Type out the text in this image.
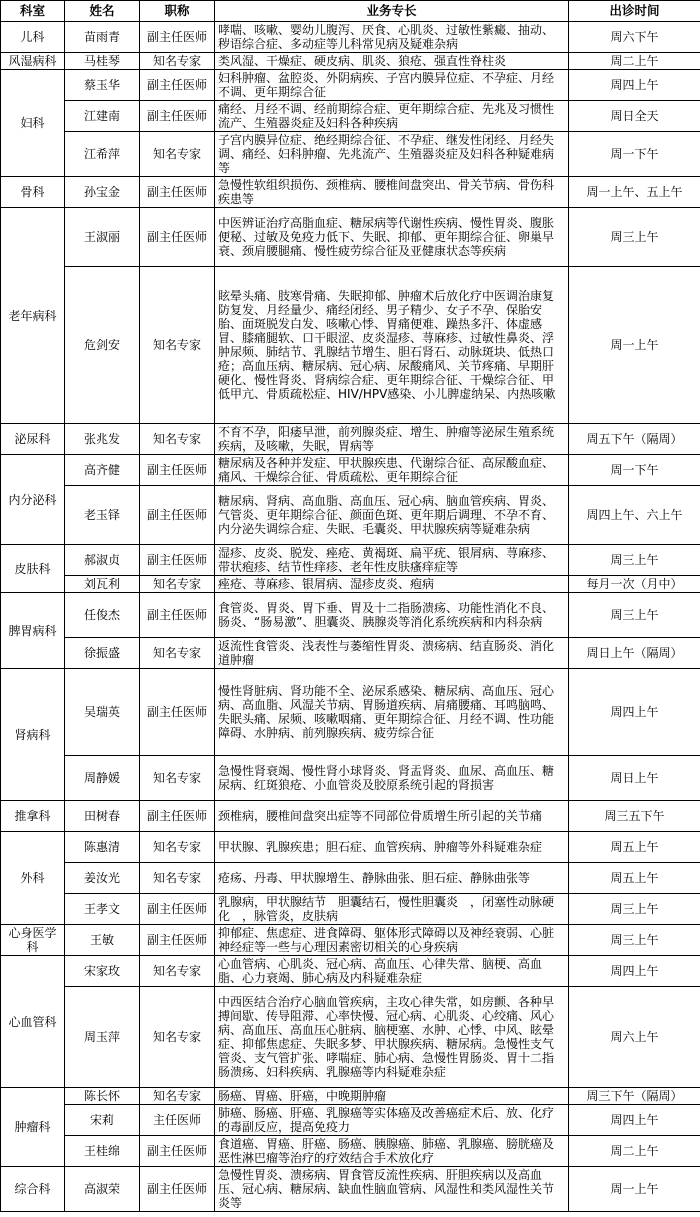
科室	姓名	职称	业务专长	出诊时间
儿科	苗雨青	副主任医师	哮喘、咳嗽、婴幼儿腹泻、厌食、心肌炎、过敏性紫癜、抽动、秽语综合症、多动症等儿科常见病及疑难杂病	周六下午
风湿病科	马桂琴	知名专家	类风湿、干燥症、硬皮病、肌炎、狼疮、强直性脊柱炎	周二上午
妇科	蔡玉华	副主任医师	妇科肿瘤、盆腔炎、外阴病疾、子宫内膜异位症、不孕症、月经不调、更年期综合征	周四上午
	江建南	副主任医师	痛经、月经不调、经前期综合症、更年期综合症、先兆及习惯性流产、生殖器炎症及妇科各种疾病	周日全天
	江希萍	知名专家	子宫内膜异位症、绝经期综合征、不孕症、继发性闭经、月经失调、痛经、妇科肿瘤、先兆流产、生殖器炎症及妇科各种疑难病等	周一下午
骨科	孙宝金	副主任医师	急慢性软组织损伤、颈椎病、腰椎间盘突出、骨关节病、骨伤科疾患等	周一上午、五上午
老年病科	王淑丽	副主任医师	中医辨证治疗高脂血症、糖尿病等代谢性疾病、慢性胃炎、腹胀便秘、过敏及免疫力低下、失眠、抑郁、更年期综合征、卵巢早衰、颈肩腰腿痛、慢性疲劳综合征及亚健康状态等疾病	周三上午
	危剑安	知名专家	眩晕头痛、肢寒骨痛、失眠抑郁、肿瘤术后放化疗中医调治康复防复发、月经量少、痛经闭经、男子精少、女子不孕、保胎安胎、面斑脱发白发、咳嗽心悸、胃痛便难、躁热多汗、体虚感冒、膝痛腿软、口干眼涩、皮炎湿疹、荨麻疹、过敏性鼻炎、浮肿尿频、肺结节、乳腺结节增生、胆石肾石、动脉斑块、低热口疮；高血压病、糖尿病、冠心病、尿酸痛风、关节疼痛、早期肝硬化、慢性肾炎、肾病综合症、更年期综合征、干燥综合征、甲低甲亢、骨质疏松症、HIV/HPV感染、小儿脾虚纳呆、内热咳嗽	周一上午
泌尿科	张兆发	知名专家	不育不孕，阳痿早泄，前列腺炎症、增生、肿瘤等泌尿生殖系统疾病，及咳嗽，失眠，胃病等	周五下午（隔周）
内分泌科	高齐健	副主任医师	糖尿病及各种并发症、甲状腺疾患、代谢综合征、高尿酸血症、痛风、干燥综合征、骨质疏松、更年期综合征	周一下午
	老玉铎	副主任医师	糖尿病、肾病、高血脂、高血压、冠心病、脑血管疾病、胃炎、气管炎、更年期综合征、颜面色斑、更年期后调理、不孕不育、内分泌失调综合症、失眠、毛囊炎、甲状腺疾病等疑难杂病	周四上午、六上午
皮肤科	郝淑贞	副主任医师	湿疹、皮炎、脱发、痤疮、黄褐斑、扁平疣、银屑病、荨麻疹、带状疱疹、结节性痒疹、老年性皮肤瘙痒症等	周三上午
	刘瓦利	知名专家	痤疮、荨麻疹、银屑病、湿疹皮炎、疱病	每月一次（月中）
脾胃病科	任俊杰	副主任医师	食管炎、胃炎、胃下垂、胃及十二指肠溃疡、功能性消化不良、肠炎、“肠易激”、胆囊炎、胰腺炎等消化系统疾病和内科杂病	周三上午
	徐振盛	知名专家	返流性食管炎、浅表性与萎缩性胃炎、溃疡病、结直肠炎、消化道肿瘤	周日上午（隔周）
肾病科	吴瑞英	副主任医师	慢性肾脏病、肾功能不全、泌尿系感染、糖尿病、高血压、冠心病、高血脂、风湿关节病、胃肠道疾病、肩痛腰痛、耳鸣脑鸣、失眠头痛、尿频、咳嗽咽痛、更年期综合征、月经不调、性功能障碍、水肿病、前列腺疾病、疲劳综合征	周四上午
	周静媛	知名专家	急慢性肾衰竭、慢性肾小球肾炎、肾盂肾炎、血尿、高血压、糖尿病、红斑狼疮、小血管炎及胶原系统引起的肾损害	周日上午
推拿科	田树春	副主任医师	颈椎病，腰椎间盘突出症等不同部位骨质增生所引起的关节痛	周三五下午
外科	陈惠清	知名专家	甲状腺、乳腺疾患；胆石症、血管疾病、肿瘤等外科疑难杂症	周五上午
	姜汝光	知名专家	疮疡、丹毒、甲状腺增生、静脉曲张、胆石症、静脉曲张等	周五上午
	王孝文	副主任医师	乳腺病，甲状腺结节　胆囊结石，慢性胆囊炎　，闭塞性动脉硬化　，脉管炎，皮肤病	周三上午
心身医学科	王敏	副主任医师	抑郁症、焦虑症、进食障碍、躯体形式障碍以及神经衰弱、心脏神经症等一些与心理因素密切相关的心身疾病	周三上午
心血管科	宋家玫	知名专家	心血管病、心肌炎、冠心病、高血压、心律失常、脑梗、高血脂、心力衰竭、肺心病及内科疑难杂症	周四上午
	周玉萍	知名专家	中西医结合治疗心脑血管疾病，主攻心律失常，如房颤、各种早搏间歇、传导阻滞、心率快慢、冠心病、心肌炎、心绞痛、风心病、高血压、高血压心脏病、脑梗塞、水肿、心悸、中风、眩晕症、抑郁焦虑症、失眠多梦、甲状腺疾病、糖尿病。急慢性支气管炎、支气管扩张、哮喘症、肺心病、急慢性胃肠炎、胃十二指肠溃疡、妇科疾病、乳腺癌等内科疑难杂症	周六上午
肿瘤科	陈长怀	知名专家	肠癌、胃癌、肝癌，中晚期肿瘤	周三下午（隔周）
	宋莉	主任医师	肺癌、肠癌、肝癌、乳腺癌等实体癌及改善癌症术后、放、化疗的毒副反应，提高免疫力	周四上午
	王桂绵	副主任医师	食道癌、胃癌、肝癌、肠癌、胰腺癌、肺癌、乳腺癌、膀胱癌及恶性淋巴瘤等治疗的疗效结合手术放化疗	周二上午
综合科	高淑荣	副主任医师	急慢性胃炎、溃疡病、胃食管反流性疾病、肝胆疾病以及高血压、冠心病、糖尿病、缺血性脑血管病、风湿性和类风湿性关节炎等	周一上午
